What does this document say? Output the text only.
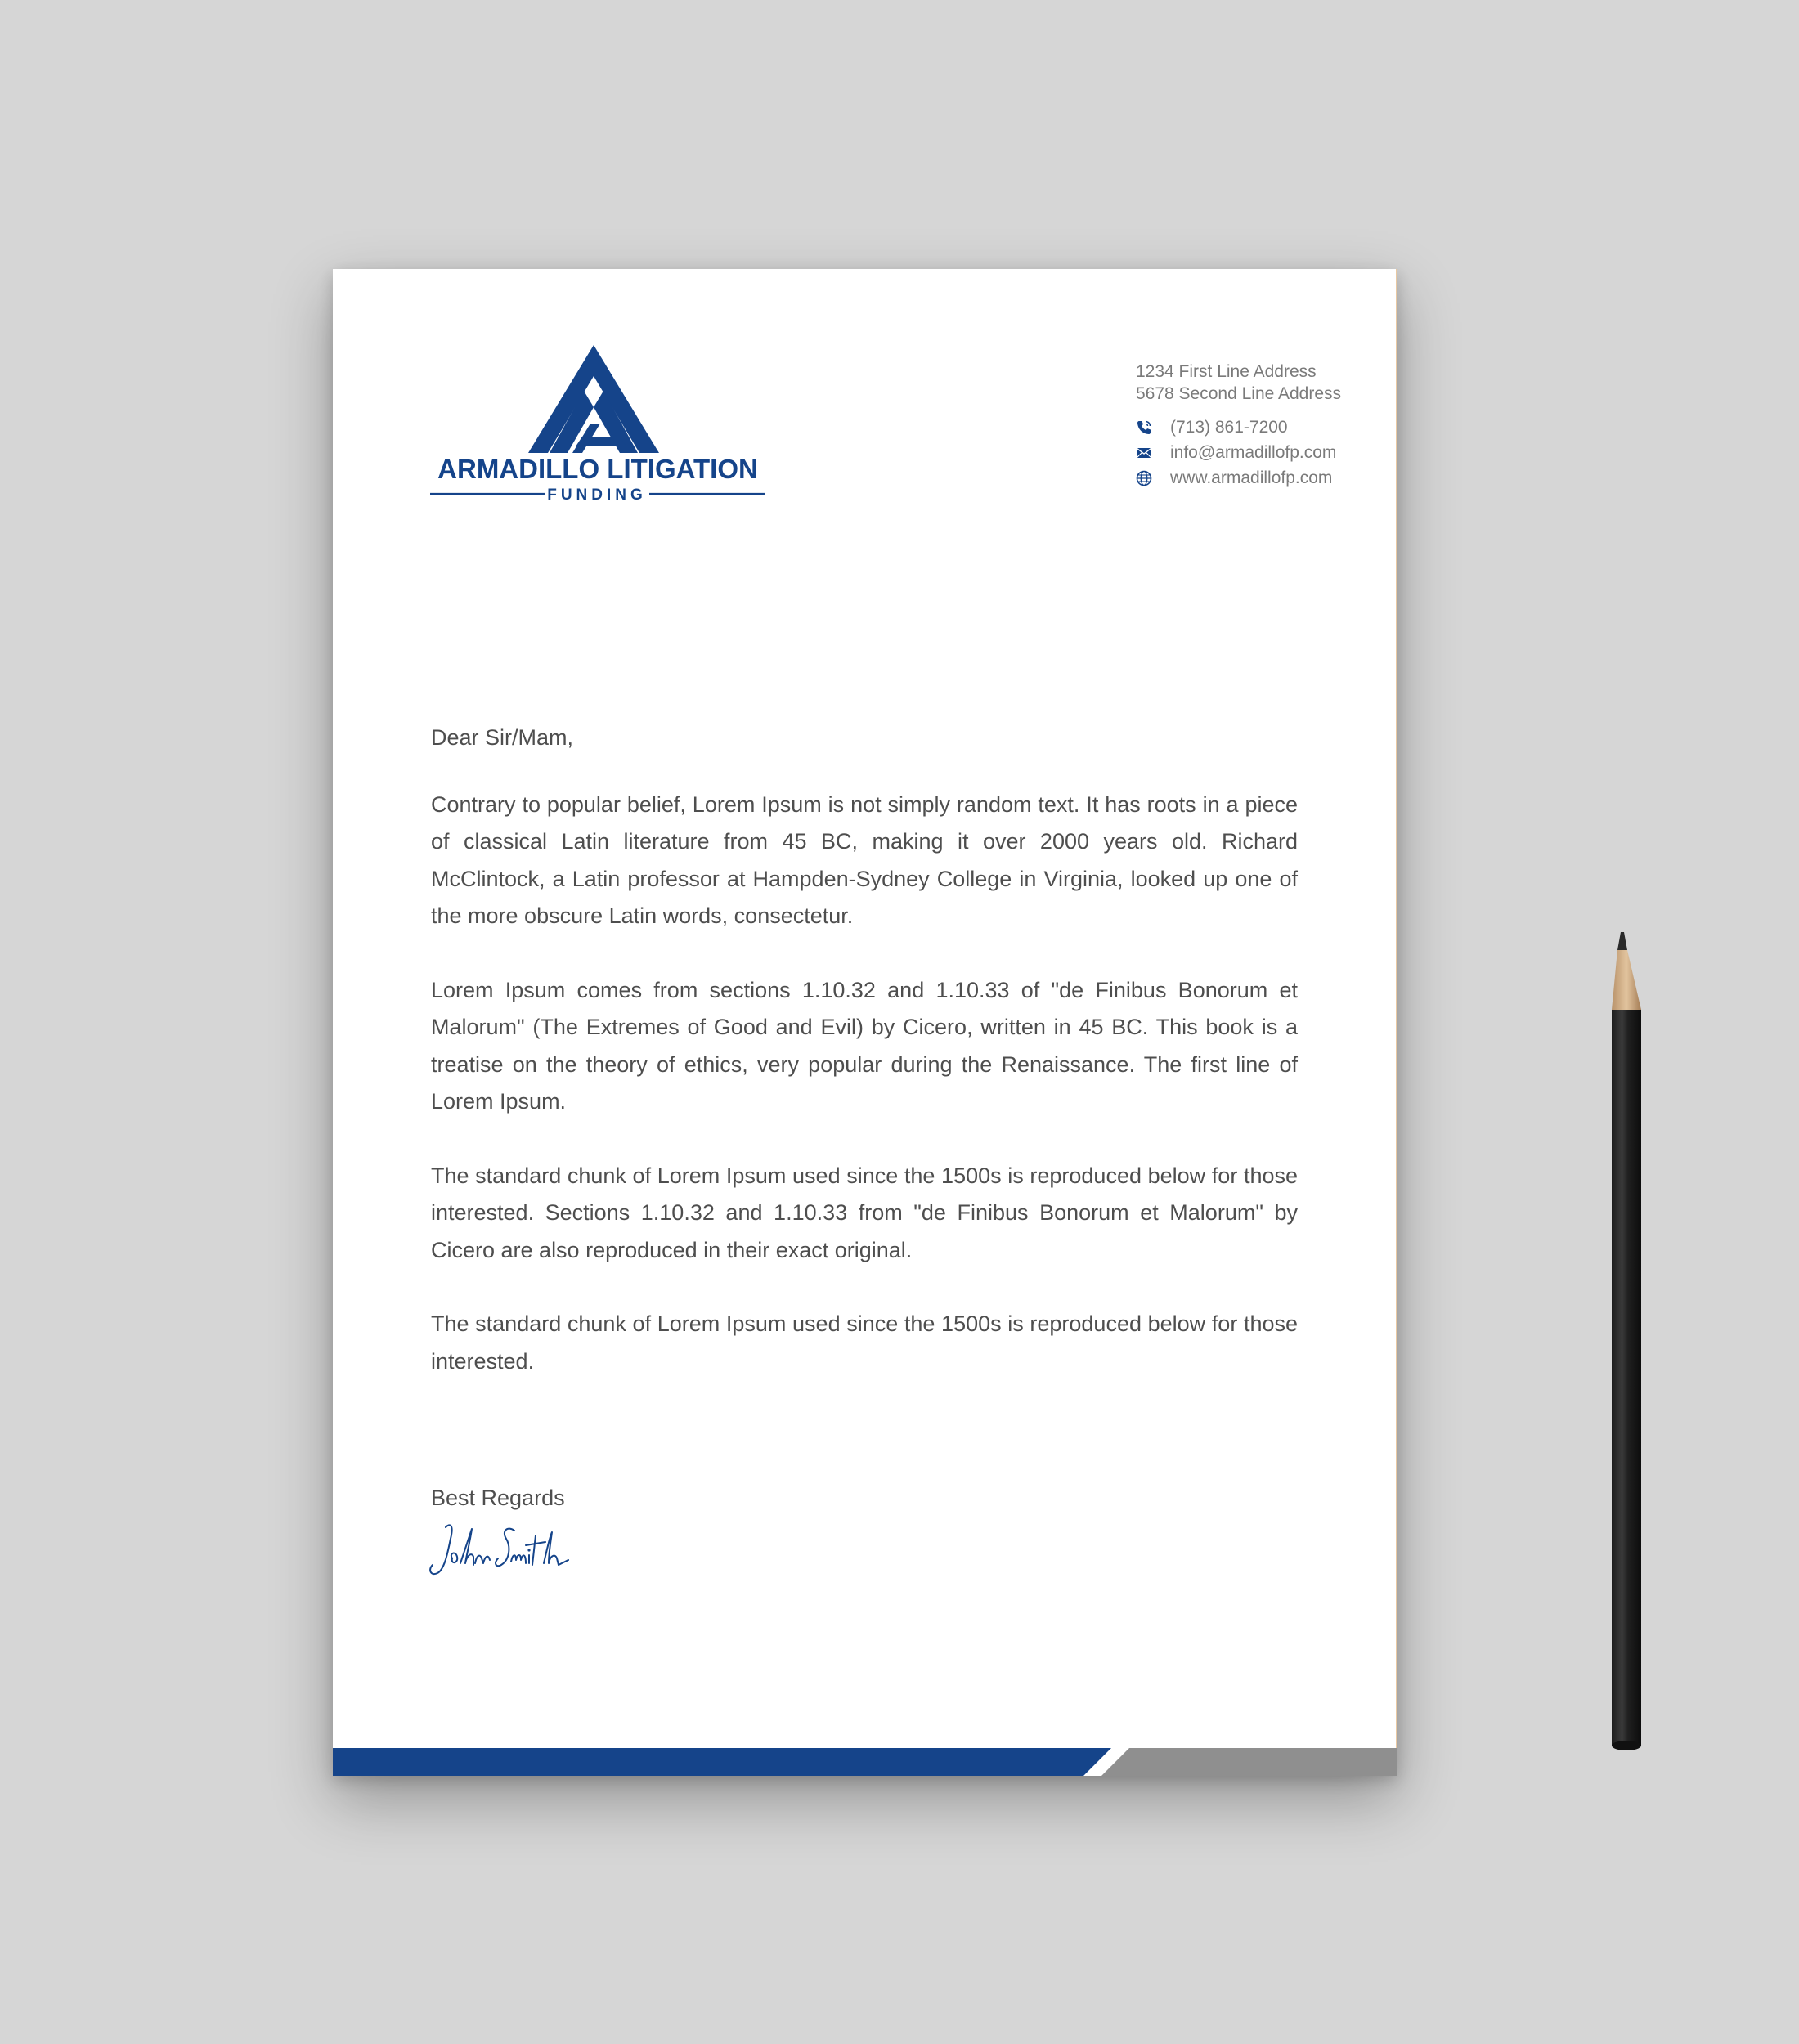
ARMADILLO LITIGATION
FUNDING
1234 First Line Address
5678 Second Line Address
(713) 861-7200
info@armadillofp.com
www.armadillofp.com

Dear Sir/Mam,

Contrary to popular belief, Lorem Ipsum is not simply random text. It has roots in a piece of classical Latin literature from 45 BC, making it over 2000 years old. Richard McClintock, a Latin professor at Hampden-Sydney College in Virginia, looked up one of the more obscure Latin words, consectetur.

Lorem Ipsum comes from sections 1.10.32 and 1.10.33 of "de Finibus Bonorum et Malorum" (The Extremes of Good and Evil) by Cicero, written in 45 BC. This book is a treatise on the theory of ethics, very popular during the Renaissance. The first line of Lorem Ipsum.

The standard chunk of Lorem Ipsum used since the 1500s is reproduced below for those interested. Sections 1.10.32 and 1.10.33 from "de Finibus Bonorum et Malorum" by Cicero are also reproduced in their exact original.

The standard chunk of Lorem Ipsum used since the 1500s is reproduced below for those interested.

Best Regards
